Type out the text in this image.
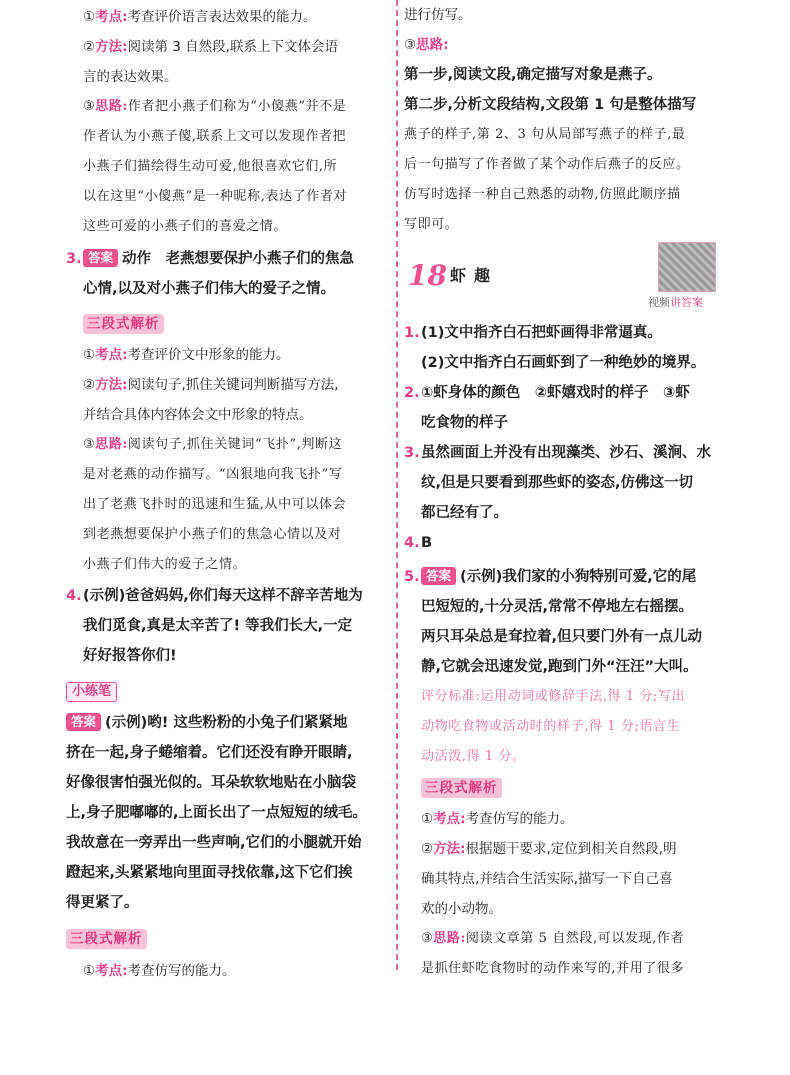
①考点:考查评价语言表达效果的能力。
②方法:阅读第 3 自然段,联系上下文体会语
言的表达效果。
③思路:作者把小燕子们称为“小傻燕”并不是
作者认为小燕子傻,联系上文可以发现作者把
小燕子们描绘得生动可爱,他很喜欢它们,所
以在这里“小傻燕”是一种昵称,表达了作者对
这些可爱的小燕子们的喜爱之情。
3. 答案 动作　老燕想要保护小燕子们的焦急
心情,以及对小燕子们伟大的爱子之情。
三段式解析
①考点:考查评价文中形象的能力。
②方法:阅读句子,抓住关键词判断描写方法,
并结合具体内容体会文中形象的特点。
③思路:阅读句子,抓住关键词“飞扑”,判断这
是对老燕的动作描写。“凶狠地向我飞扑”写
出了老燕飞扑时的迅速和生猛,从中可以体会
到老燕想要保护小燕子们的焦急心情以及对
小燕子们伟大的爱子之情。
4.(示例)爸爸妈妈,你们每天这样不辞辛苦地为
我们觅食,真是太辛苦了! 等我们长大,一定
好好报答你们!
小练笔
答案 (示例)哟! 这些粉粉的小兔子们紧紧地
挤在一起,身子蜷缩着。它们还没有睁开眼睛,
好像很害怕强光似的。耳朵软软地贴在小脑袋
上,身子肥嘟嘟的,上面长出了一点短短的绒毛。
我故意在一旁弄出一些声响,它们的小腿就开始
蹬起来,头紧紧地向里面寻找依靠,这下它们挨
得更紧了。
三段式解析
①考点:考查仿写的能力。
进行仿写。
③思路:
第一步,阅读文段,确定描写对象是燕子。
第二步,分析文段结构,文段第 1 句是整体描写
燕子的样子,第 2、3 句从局部写燕子的样子,最
后一句描写了作者做了某个动作后燕子的反应。
仿写时选择一种自己熟悉的动物,仿照此顺序描
写即可。
18 虾趣
视频讲答案
1.(1)文中指齐白石把虾画得非常逼真。
(2)文中指齐白石画虾到了一种绝妙的境界。
2.①虾身体的颜色　②虾嬉戏时的样子　③虾
吃食物的样子
3.虽然画面上并没有出现藻类、沙石、溪涧、水
纹,但是只要看到那些虾的姿态,仿佛这一切
都已经有了。
4.B
5. 答案 (示例)我们家的小狗特别可爱,它的尾
巴短短的,十分灵活,常常不停地左右摇摆。
两只耳朵总是耷拉着,但只要门外有一点儿动
静,它就会迅速发觉,跑到门外“汪汪”大叫。
评分标准:运用动词或修辞手法,得 1 分;写出
动物吃食物或活动时的样子,得 1 分;语言生
动活泼,得 1 分。
三段式解析
①考点:考查仿写的能力。
②方法:根据题干要求,定位到相关自然段,明
确其特点,并结合生活实际,描写一下自己喜
欢的小动物。
③思路:阅读文章第 5 自然段,可以发现,作者
是抓住虾吃食物时的动作来写的,并用了很多
